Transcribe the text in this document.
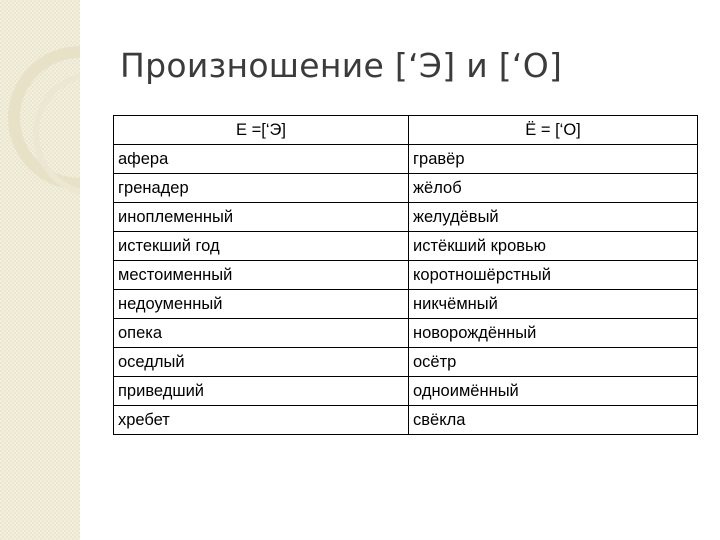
Произношение [‘Э] и [‘О]
Е =[‘Э]	Ё = [‘О]
афера	гравёр
гренадер	жёлоб
иноплеменный	желудёвый
истекший год	истёкший кровью
местоименный	коротношёрстный
недоуменный	никчёмный
опека	новорождённый
оседлый	осётр
приведший	одноимённый
хребет	свёкла
